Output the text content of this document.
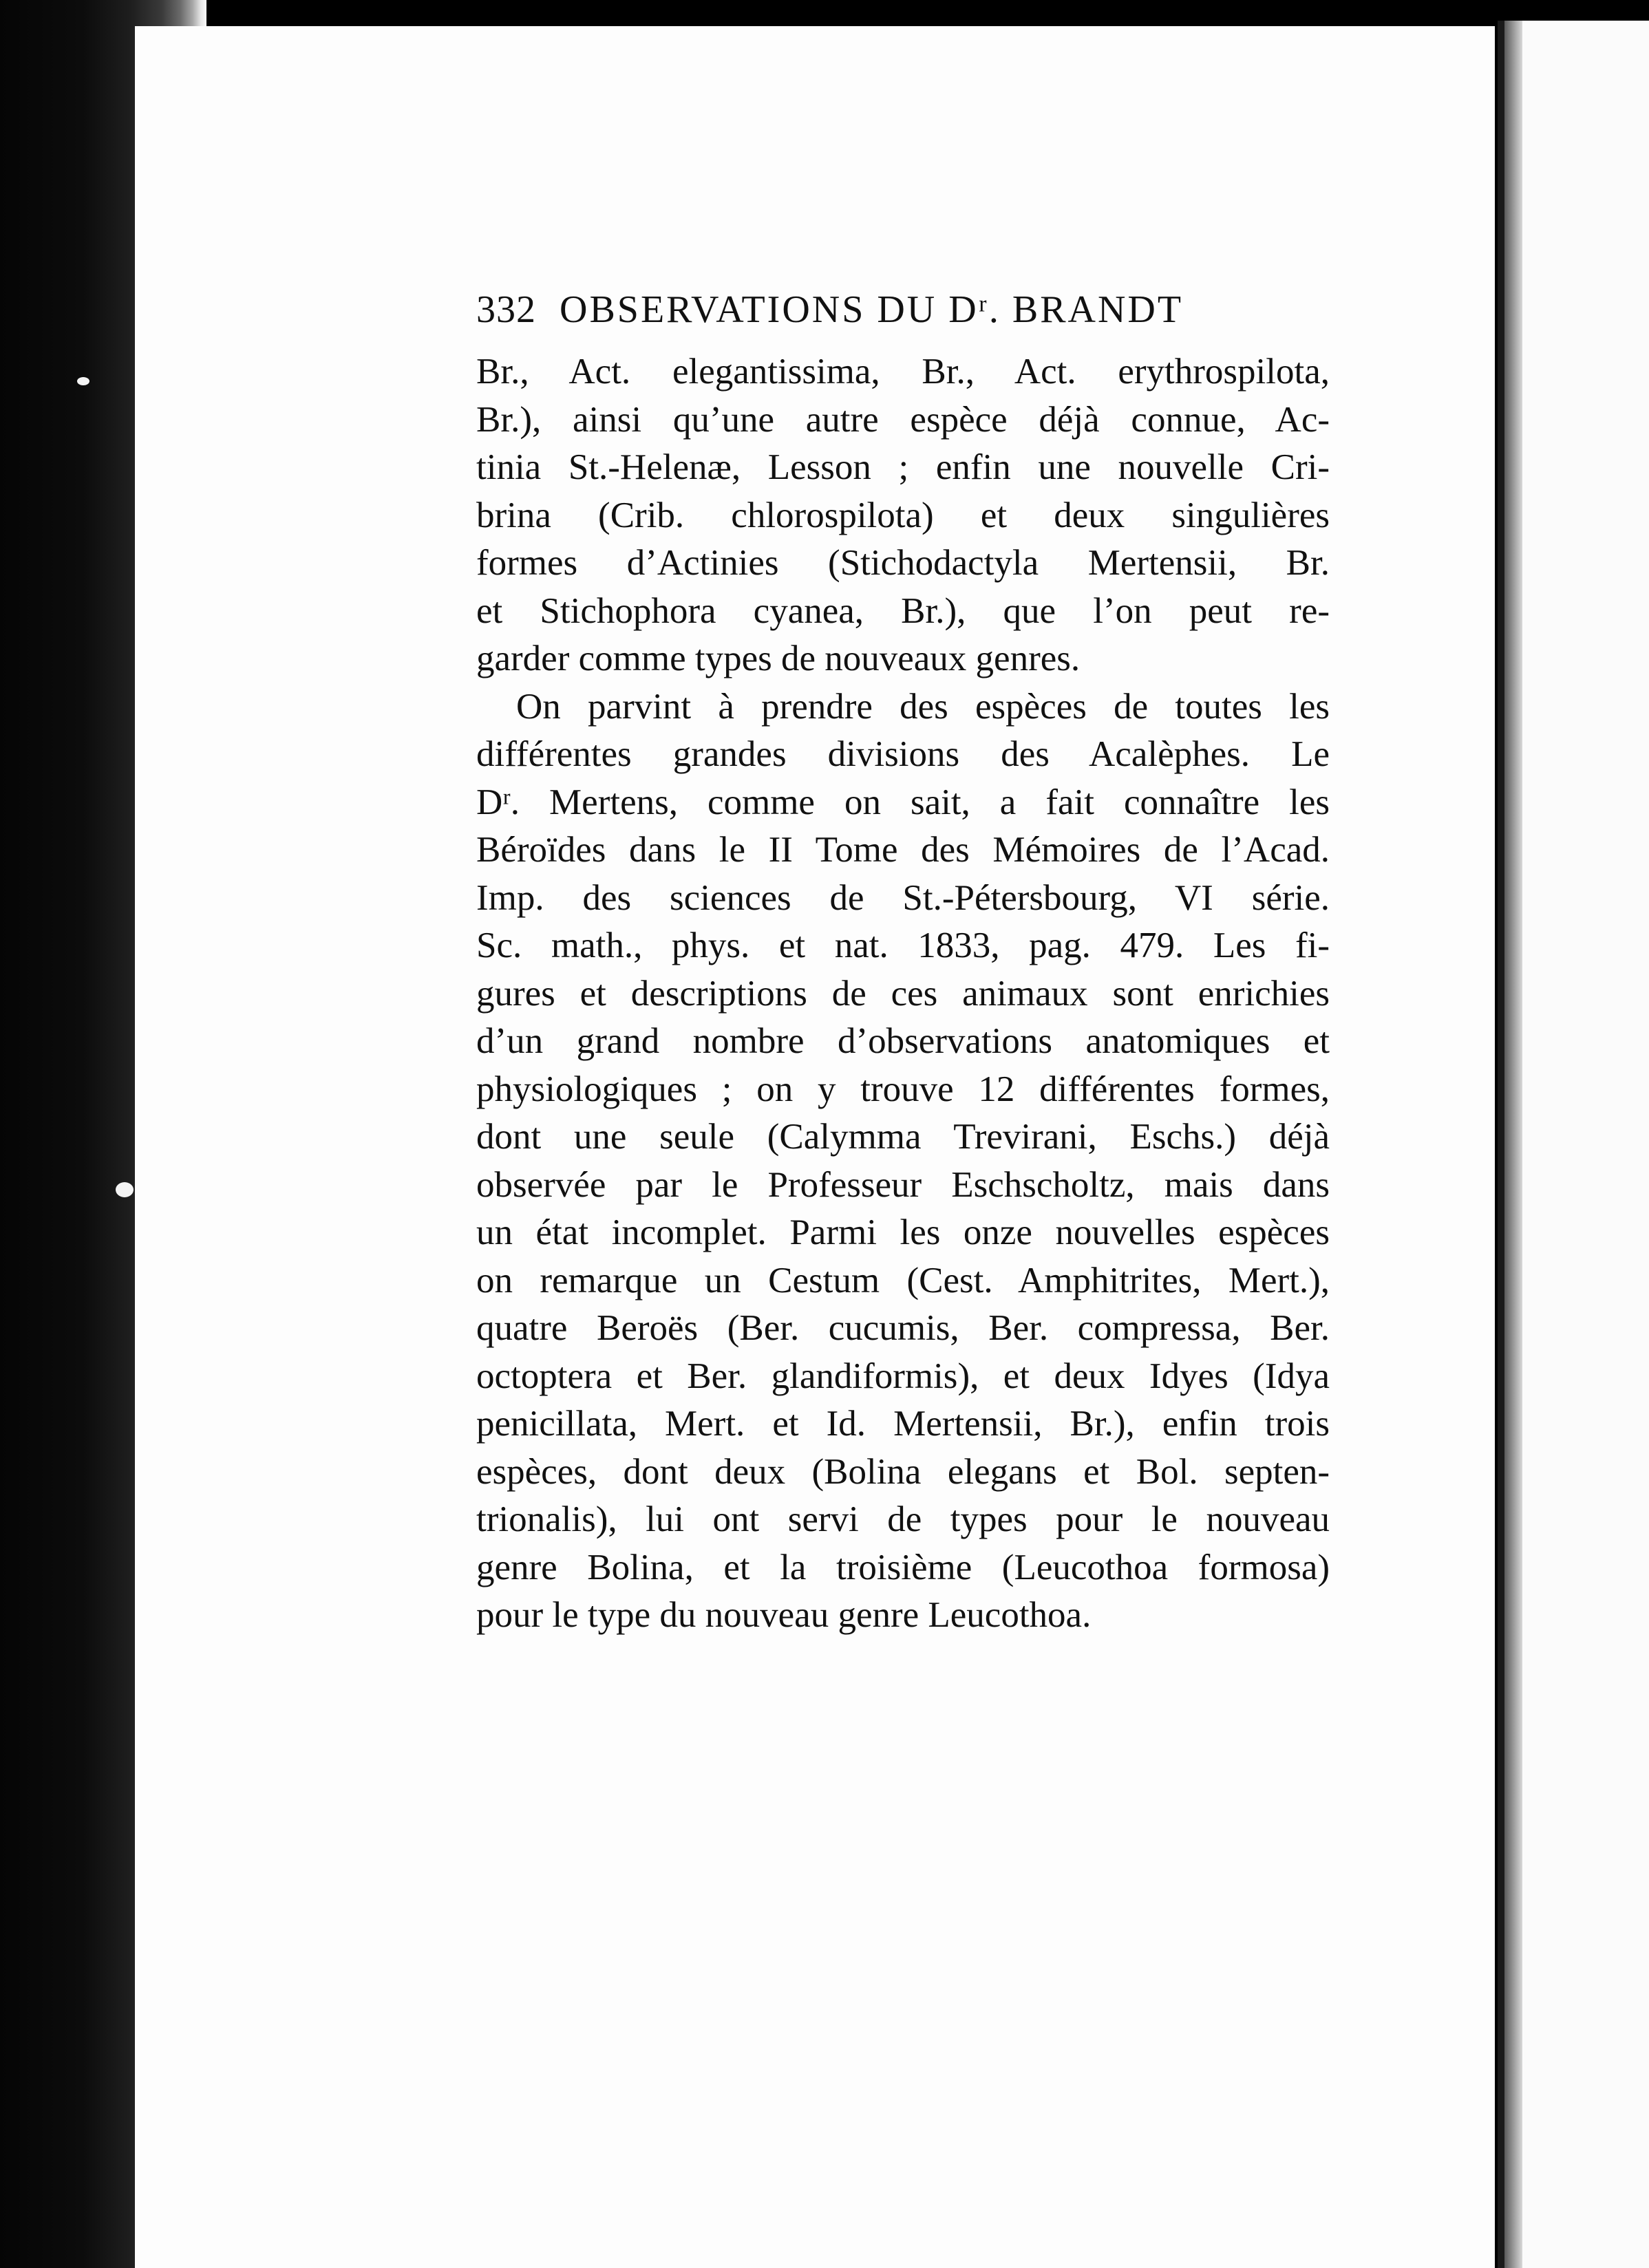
332 OBSERVATIONS DU Dʳ. BRANDT
Br., Act. elegantissima, Br., Act. erythrospilota,
Br.), ainsi qu’une autre espèce déjà connue, Ac-
tinia St.-Helenæ, Lesson ; enfin une nouvelle Cri-
brina (Crib. chlorospilota) et deux singulières
formes d’Actinies (Stichodactyla Mertensii, Br.
et Stichophora cyanea, Br.), que l’on peut re-
garder comme types de nouveaux genres.
On parvint à prendre des espèces de toutes les
différentes grandes divisions des Acalèphes. Le
Dʳ. Mertens, comme on sait, a fait connaître les
Béroïdes dans le II Tome des Mémoires de l’Acad.
Imp. des sciences de St.-Pétersbourg, VI série.
Sc. math., phys. et nat. 1833, pag. 479. Les fi-
gures et descriptions de ces animaux sont enrichies
d’un grand nombre d’observations anatomiques et
physiologiques ; on y trouve 12 différentes formes,
dont une seule (Calymma Trevirani, Eschs.) déjà
observée par le Professeur Eschscholtz, mais dans
un état incomplet. Parmi les onze nouvelles espèces
on remarque un Cestum (Cest. Amphitrites, Mert.),
quatre Beroës (Ber. cucumis, Ber. compressa, Ber.
octoptera et Ber. glandiformis), et deux Idyes (Idya
penicillata, Mert. et Id. Mertensii, Br.), enfin trois
espèces, dont deux (Bolina elegans et Bol. septen-
trionalis), lui ont servi de types pour le nouveau
genre Bolina, et la troisième (Leucothoa formosa)
pour le type du nouveau genre Leucothoa.
